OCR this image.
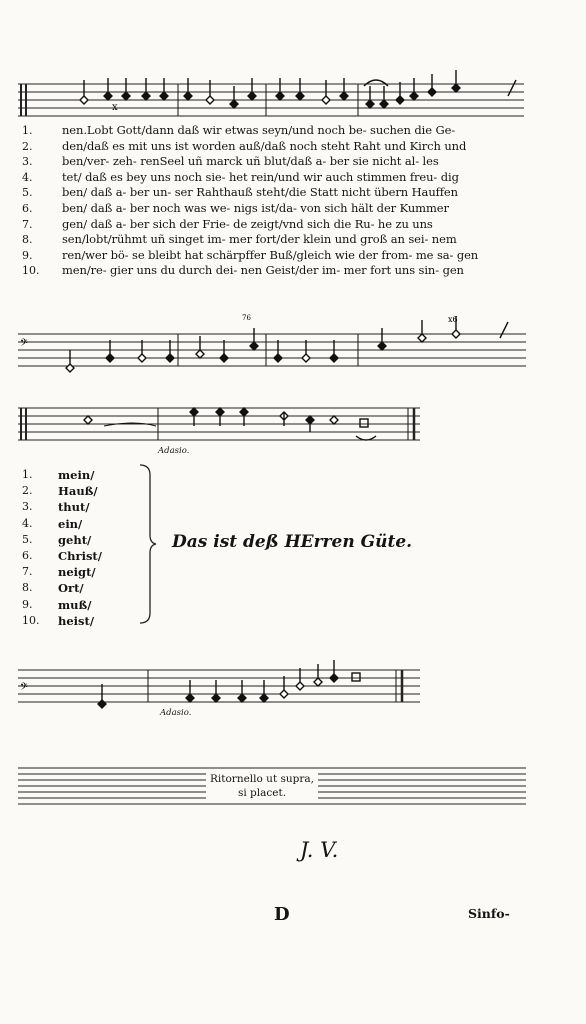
x
1.	nen.Lobt Gott/dann daß wir etwas seyn/und noch be- suchen die Ge-
2.	den/daß es mit uns ist worden auß/daß noch steht Raht und Kirch und
3.	ben/ver- zeh- renSeel uñ marck uñ blut/daß a- ber sie nicht al- les
4.	tet/ daß es bey uns noch sie- het rein/und wir auch stimmen freu- dig
5.	ben/ daß a- ber un- ser Rahthauß steht/die Statt nicht übern Hauffen
6.	ben/ daß a- ber noch was we- nigs ist/da- von sich hält der Kummer
7.	gen/ daß a- ber sich der Frie- de zeigt/vnd sich die Ru- he zu uns
8.	sen/lobt/rühmt uñ singet im- mer fort/der klein und groß an sei- nem
9.	ren/wer bö- se bleibt hat schärpffer Buß/gleich wie der from- me sa- gen
10.	men/re- gier uns du durch dei- nen Geist/der im- mer fort uns sin- gen
𝄢
76	x6
Adasio.
1.	mein/
2.	Hauß/
3.	thut/
4.	ein/
5.	geht/
6.	Christ/
7.	neigt/
8.	Ort/
9.	muß/
10.	heist/
Das ist deß HErren Güte.
𝄢
Adasio.
Ritornello ut supra,
si placet.
J. V.
D	Sinfo-
